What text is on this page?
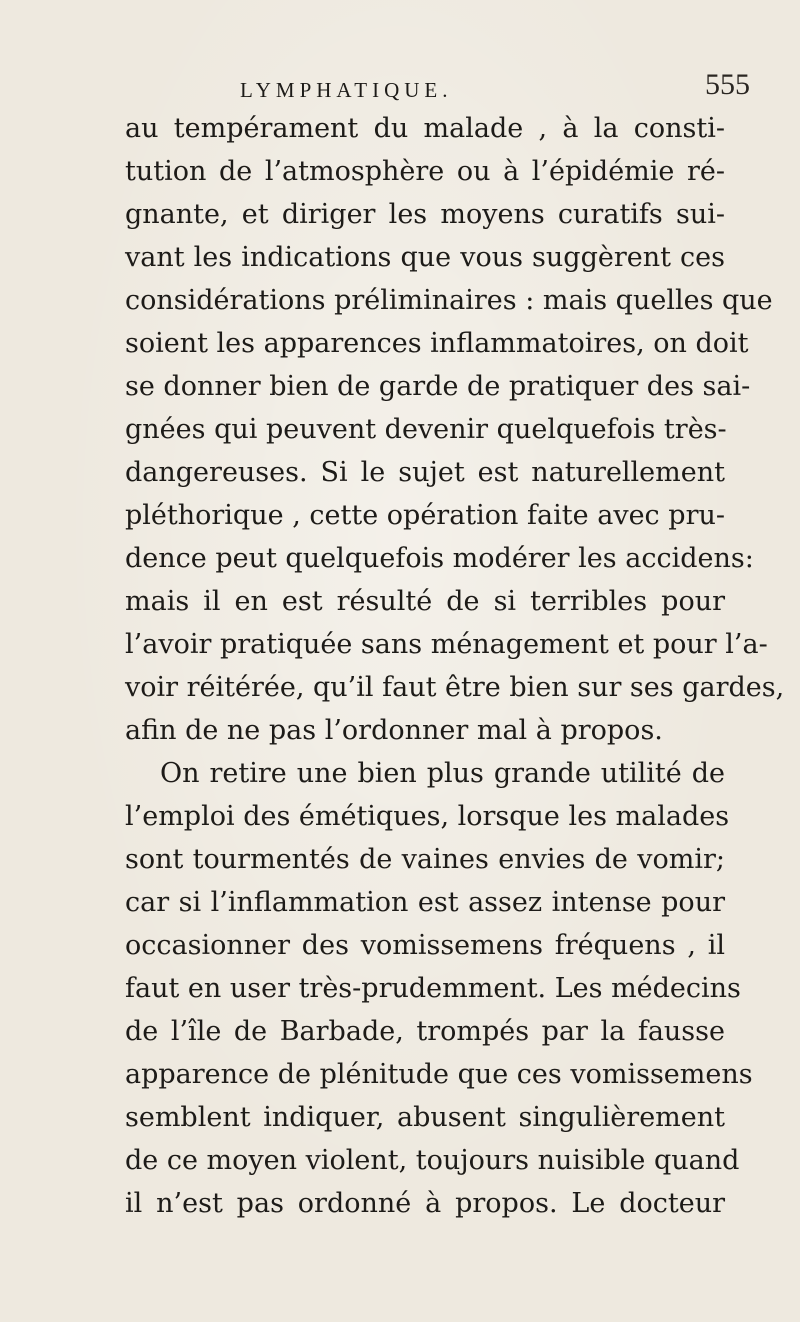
LYMPHATIQUE.	555
au tempérament du malade , à la consti-
tution de l’atmosphère ou à l’épidémie ré-
gnante, et diriger les moyens curatifs sui-
vant les indications que vous suggèrent ces
considérations préliminaires : mais quelles que
soient les apparences inflammatoires, on doit
se donner bien de garde de pratiquer des sai-
gnées qui peuvent devenir quelquefois très-
dangereuses. Si le sujet est naturellement
pléthorique , cette opération faite avec pru-
dence peut quelquefois modérer les accidens:
mais il en est résulté de si terribles pour
l’avoir pratiquée sans ménagement et pour l’a-
voir réitérée, qu’il faut être bien sur ses gardes,
afin de ne pas l’ordonner mal à propos.
On retire une bien plus grande utilité de
l’emploi des émétiques, lorsque les malades
sont tourmentés de vaines envies de vomir;
car si l’inflammation est assez intense pour
occasionner des vomissemens fréquens , il
faut en user très-prudemment. Les médecins
de l’île de Barbade, trompés par la fausse
apparence de plénitude que ces vomissemens
semblent indiquer, abusent singulièrement
de ce moyen violent, toujours nuisible quand
il n’est pas ordonné à propos. Le docteur
